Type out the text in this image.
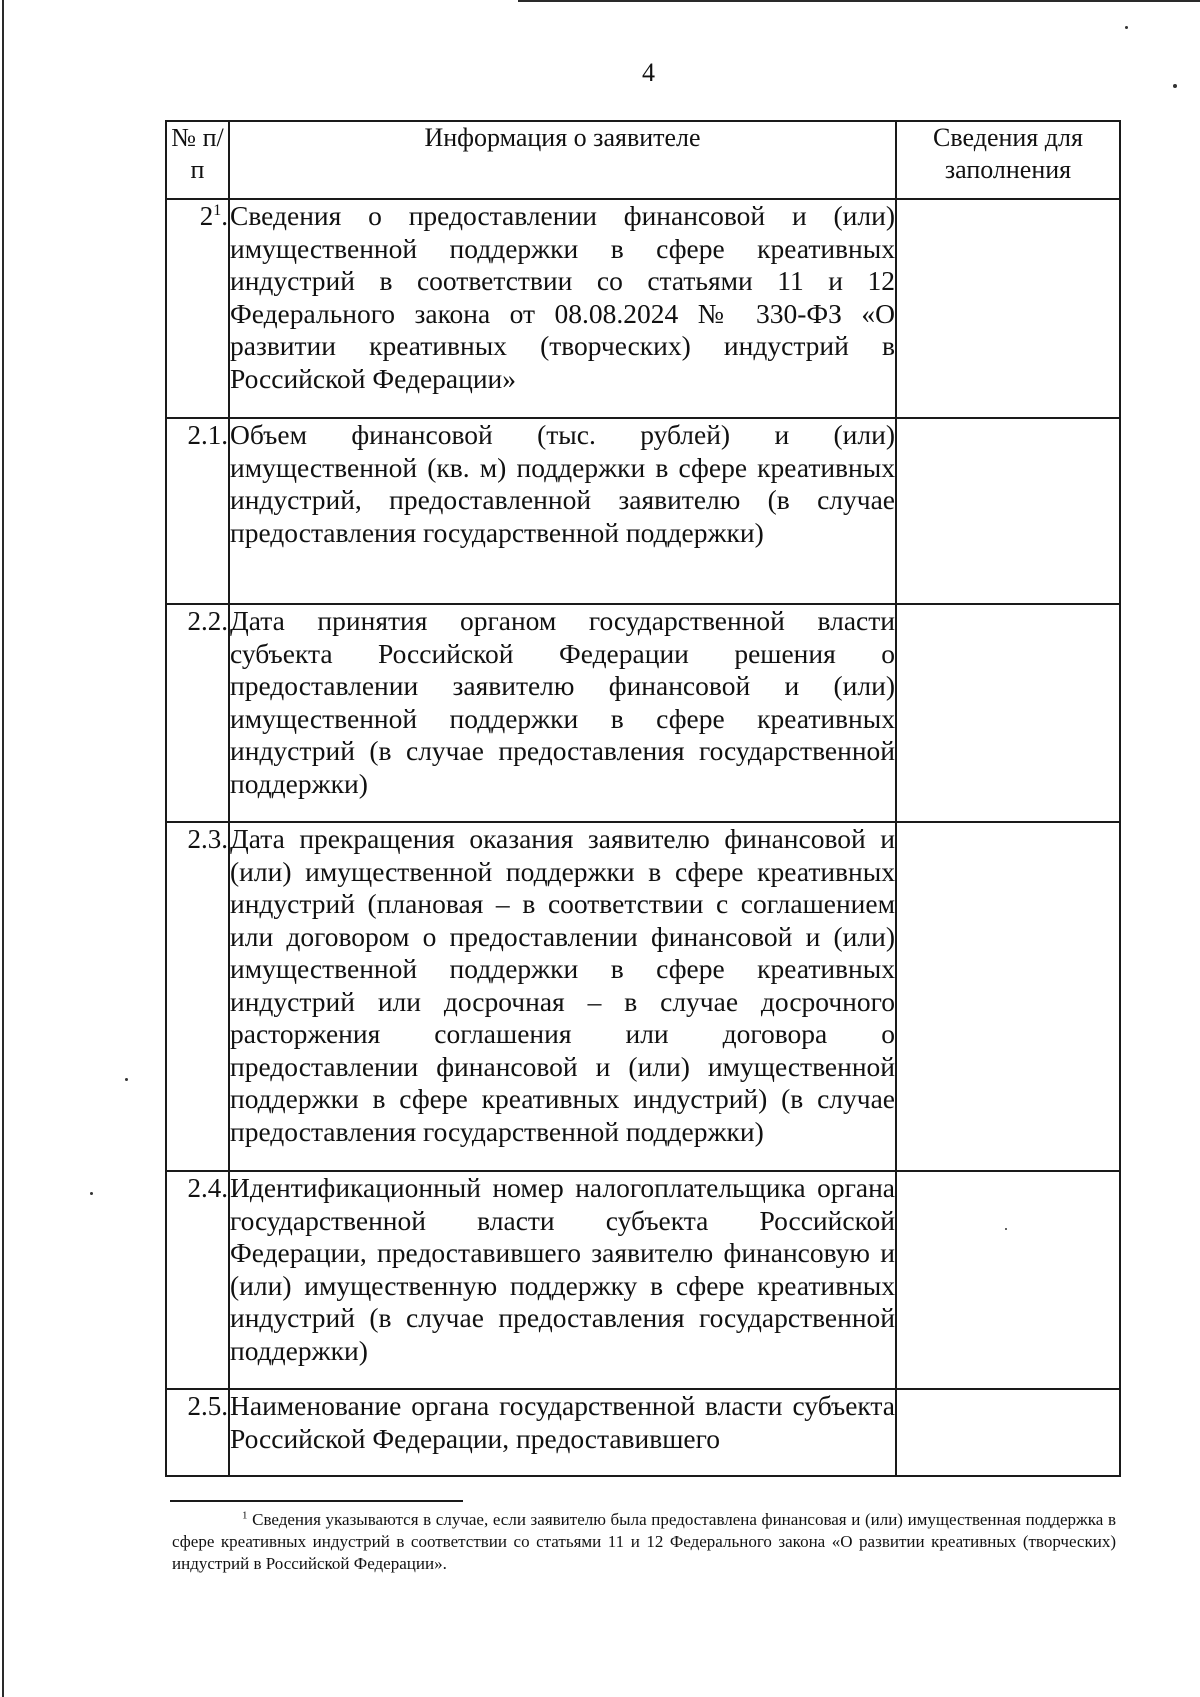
4
№ п/п	Информация о заявителе	Сведения для заполнения
$2^1$.	Сведения о предоставлении финансовой и (или) имущественной поддержки в сфере креативных индустрий в соответствии со статьями 11 и 12 Федерального закона от 08.08.2024 № 330-ФЗ «О развитии креативных (творческих) индустрий в Российской Федерации»	
2.1.	Объем финансовой (тыс. рублей) и (или) имущественной (кв. м) поддержки в сфере креативных индустрий, предоставленной заявителю (в случае предоставления государственной поддержки)	
2.2.	Дата принятия органом государственной власти субъекта Российской Федерации решения о предоставлении заявителю финансовой и (или) имущественной поддержки в сфере креативных индустрий (в случае предоставления государственной поддержки)	
2.3.	Дата прекращения оказания заявителю финансовой и (или) имущественной поддержки в сфере креативных индустрий (плановая – в соответствии с соглашением или договором о предоставлении финансовой и (или) имущественной поддержки в сфере креативных индустрий или досрочная – в случае досрочного расторжения соглашения или договора о предоставлении финансовой и (или) имущественной поддержки в сфере креативных индустрий) (в случае предоставления государственной поддержки)	
2.4.	Идентификационный номер налогоплательщика органа государственной власти субъекта Российской Федерации, предоставившего заявителю финансовую и (или) имущественную поддержку в сфере креативных индустрий (в случае предоставления государственной поддержки)	
2.5.	Наименование органа государственной власти субъекта Российской Федерации, предоставившего	
$^1$ Сведения указываются в случае, если заявителю была предоставлена финансовая и (или) имущественная поддержка в сфере креативных индустрий в соответствии со статьями 11 и 12 Федерального закона «О развитии креативных (творческих) индустрий в Российской Федерации».
